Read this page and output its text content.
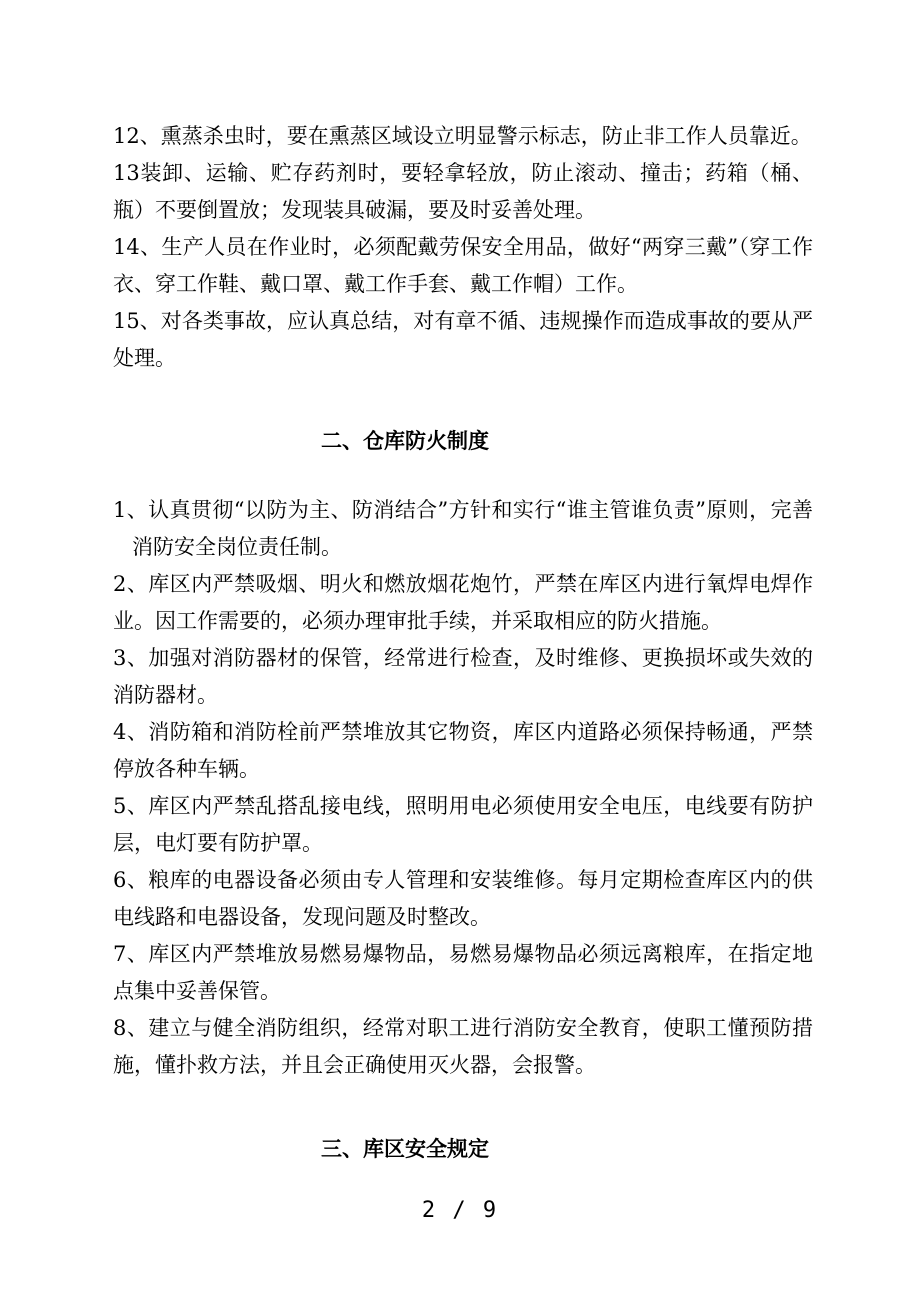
12、熏蒸杀虫时，要在熏蒸区域设立明显警示标志，防止非工作人员靠近。

13装卸、运输、贮存药剂时，要轻拿轻放，防止滚动、撞击；药箱（桶、瓶）不要倒置放；发现装具破漏，要及时妥善处理。

14、生产人员在作业时，必须配戴劳保安全用品，做好“两穿三戴”（穿工作衣、穿工作鞋、戴口罩、戴工作手套、戴工作帽）工作。

15、对各类事故，应认真总结，对有章不循、违规操作而造成事故的要从严处理。

二、仓库防火制度

1、认真贯彻“以防为主、防消结合”方针和实行“谁主管谁负责”原则，完善消防安全岗位责任制。

2、库区内严禁吸烟、明火和燃放烟花炮竹，严禁在库区内进行氧焊电焊作业。因工作需要的，必须办理审批手续，并采取相应的防火措施。

3、加强对消防器材的保管，经常进行检查，及时维修、更换损坏或失效的消防器材。

4、消防箱和消防栓前严禁堆放其它物资，库区内道路必须保持畅通，严禁停放各种车辆。

5、库区内严禁乱搭乱接电线，照明用电必须使用安全电压，电线要有防护层，电灯要有防护罩。

6、粮库的电器设备必须由专人管理和安装维修。每月定期检查库区内的供电线路和电器设备，发现问题及时整改。

7、库区内严禁堆放易燃易爆物品，易燃易爆物品必须远离粮库，在指定地点集中妥善保管。

8、建立与健全消防组织，经常对职工进行消防安全教育，使职工懂预防措施，懂扑救方法，并且会正确使用灭火器，会报警。

三、库区安全规定
2 / 9
